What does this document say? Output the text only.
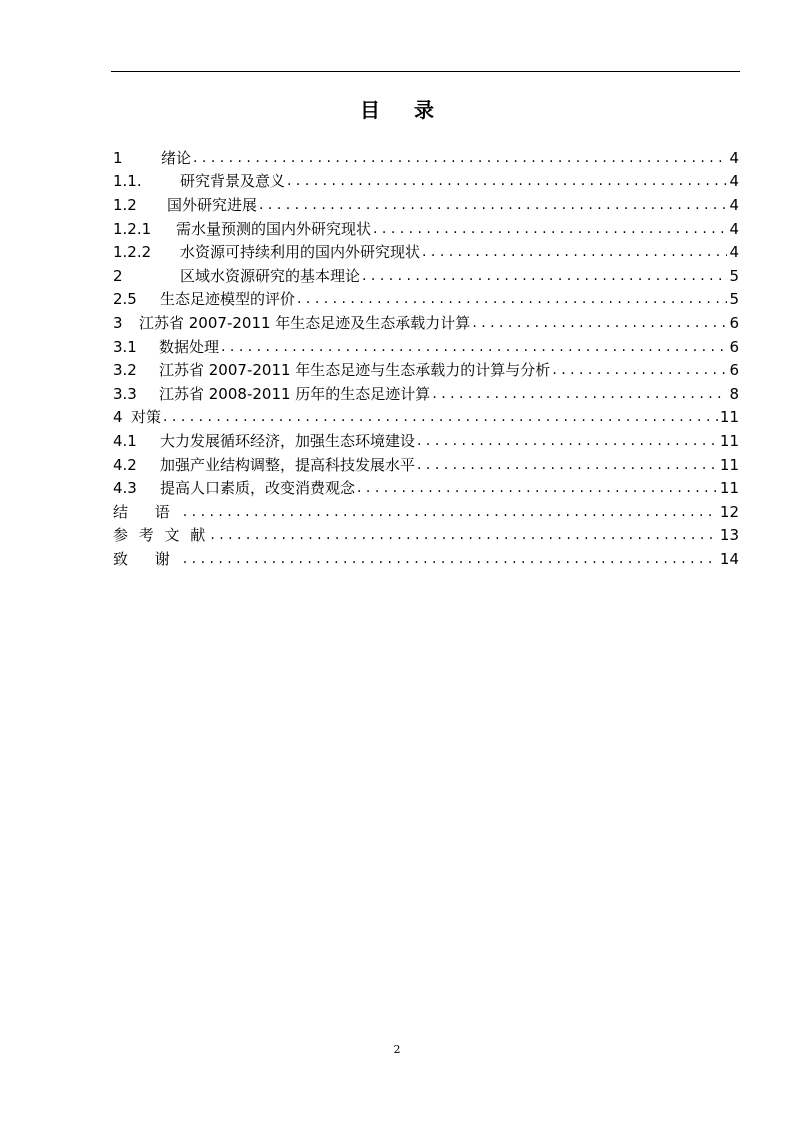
目 录
1	绪论 . . .	4
1.1.	研究背景及意义 . . .	4
1.2	国外研究进展 . . .	4
1.2.1	需水量预测的国内外研究现状 . . .	4
1.2.2	水资源可持续利用的国内外研究现状 . . .	4
2	区域水资源研究的基本理论 . . .	5
2.5	生态足迹模型的评价 . . .	5
3	江苏省 2007-2011 年生态足迹及生态承载力计算 . . .	6
3.1	数据处理 . . .	6
3.2	江苏省 2007-2011 年生态足迹与生态承载力的计算与分析 . . .	6
3.3	江苏省 2008-2011 历年的生态足迹计算 . . .	8
4 对策 . . .	11
4.1	大力发展循环经济，加强生态环境建设 . . .	11
4.2	加强产业结构调整，提高科技发展水平 . . .	11
4.3	提高人口素质，改变消费观念 . . .	11
结 语 . . .	12
参 考 文 献 . . .	13
致 谢 . . .	14
2
